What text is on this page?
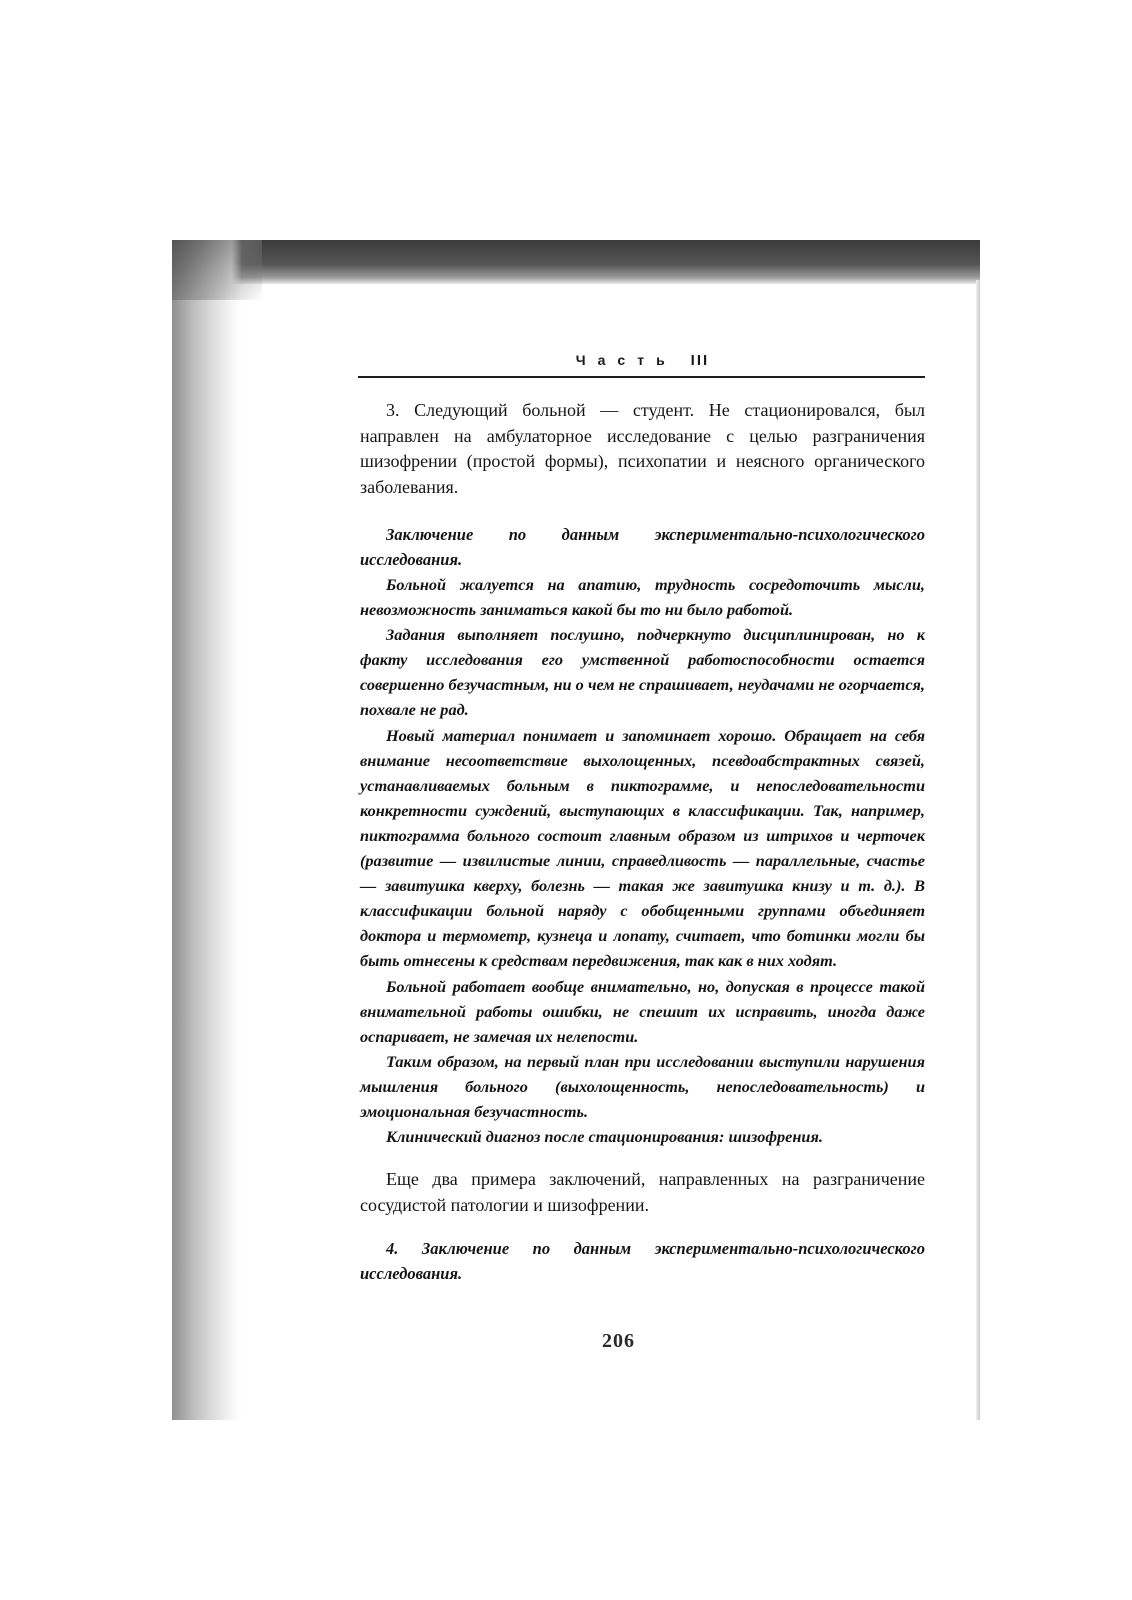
Часть III

3. Следующий больной — студент. Не стационировался, был направлен на амбулаторное исследование с целью разграничения шизофрении (простой формы), психопатии и неясного органического заболевания.

Заключение по данным экспериментально-психологического исследования.

Больной жалуется на апатию, трудность сосредоточить мысли, невозможность заниматься какой бы то ни было работой.

Задания выполняет послушно, подчеркнуто дисциплинирован, но к факту исследования его умственной работоспособности остается совершенно безучастным, ни о чем не спрашивает, неудачами не огорчается, похвале не рад.

Новый материал понимает и запоминает хорошо. Обращает на себя внимание несоответствие выхолощенных, псевдоабстрактных связей, устанавливаемых больным в пиктограмме, и непоследовательности конкретности суждений, выступающих в классификации. Так, например, пиктограмма больного состоит главным образом из штрихов и черточек (развитие — извилистые линии, справедливость — параллельные, счастье — завитушка кверху, болезнь — такая же завитушка книзу и т. д.). В классификации больной наряду с обобщенными группами объединяет доктора и термометр, кузнеца и лопату, считает, что ботинки могли бы быть отнесены к средствам передвижения, так как в них ходят.

Больной работает вообще внимательно, но, допуская в процессе такой внимательной работы ошибки, не спешит их исправить, иногда даже оспаривает, не замечая их нелепости.

Таким образом, на первый план при исследовании выступили нарушения мышления больного (выхолощенность, непоследовательность) и эмоциональная безучастность.

Клинический диагноз после стационирования: шизофрения.

Еще два примера заключений, направленных на разграничение сосудистой патологии и шизофрении.

4. Заключение по данным экспериментально-психологического исследования.

206
